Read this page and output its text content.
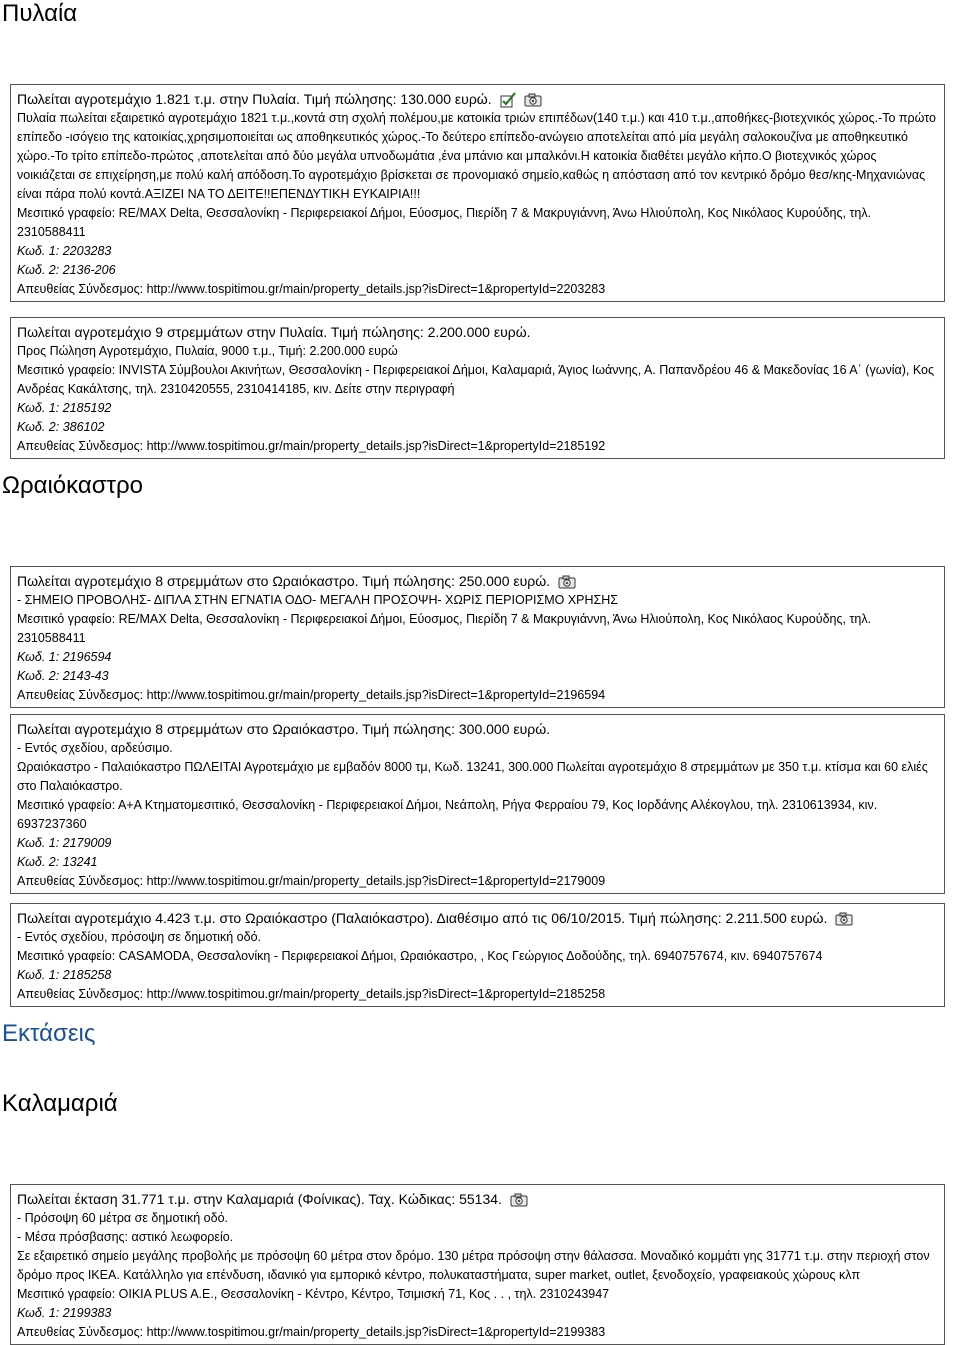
Πυλαία
Πωλείται αγροτεμάχιο 1.821 τ.μ. στην Πυλαία. Τιμή πώλησης: 130.000 ευρώ.
Πυλαία πωλείται εξαιρετικό αγροτεμάχιο 1821 τ.μ.,κοντά στη σχολή πολέμου,με κατοικία τριών επιπέδων(140 τ.μ.) και 410 τ.μ.,αποθήκες-βιοτεχνικός χώρος.-Το πρώτο επίπεδο -ισόγειο της κατοικίας,χρησιμοποιείται ως αποθηκευτικός χώρος.-Το δεύτερο επίπεδο-ανώγειο αποτελείται από μία μεγάλη σαλοκουζίνα με αποθηκευτικό χώρο.-Το τρίτο επίπεδο-πρώτος ,αποτελείται από δύο μεγάλα υπνοδωμάτια ,ένα μπάνιο και μπαλκόνι.Η κατοικία διαθέτει μεγάλο κήπο.Ο βιοτεχνικός χώρος νοικιάζεται σε επιχείρηση,με πολύ καλή απόδοση.Το αγροτεμάχιο βρίσκεται σε προνομιακό σημείο,καθώς η απόσταση από τον κεντρικό δρόμο θεσ/κης-Μηχανιώνας είναι πάρα πολύ κοντά.ΑΞΙΖΕΙ ΝΑ ΤΟ ΔΕΙΤΕ!!ΕΠΕΝΔΥΤΙΚΗ ΕΥΚΑΙΡΙΑ!!!
Μεσιτικό γραφείο: RE/MAX Delta, Θεσσαλονίκη - Περιφερειακοί Δήμοι, Εύοσμος, Πιερίδη 7 & Μακρυγιάννη, Άνω Ηλιούπολη, Κος Νικόλαος Κυρούδης, τηλ. 2310588411
Κωδ. 1: 2203283
Κωδ. 2: 2136-206
Απευθείας Σύνδεσμος: http://www.tospitimou.gr/main/property_details.jsp?isDirect=1&propertyId=2203283
Πωλείται αγροτεμάχιο 9 στρεμμάτων στην Πυλαία. Τιμή πώλησης: 2.200.000 ευρώ.
Προς Πώληση Αγροτεμάχιο, Πυλαία, 9000 τ.μ., Τιμή: 2.200.000 ευρώ
Μεσιτικό γραφείο: INVISTA Σύμβουλοι Ακινήτων, Θεσσαλονίκη - Περιφερειακοί Δήμοι, Καλαμαριά, Άγιος Ιωάννης, Α. Παπανδρέου 46 & Μακεδονίας 16 Α΄ (γωνία), Κος Ανδρέας Κακάλτσης, τηλ. 2310420555, 2310414185, κιν. Δείτε στην περιγραφή
Κωδ. 1: 2185192
Κωδ. 2: 386102
Απευθείας Σύνδεσμος: http://www.tospitimou.gr/main/property_details.jsp?isDirect=1&propertyId=2185192
Ωραιόκαστρο
Πωλείται αγροτεμάχιο 8 στρεμμάτων στο Ωραιόκαστρο. Τιμή πώλησης: 250.000 ευρώ.
- ΣΗΜΕΙΟ ΠΡΟΒΟΛΗΣ- ΔΙΠΛΑ ΣΤΗΝ ΕΓΝΑΤΙΑ ΟΔΟ- ΜΕΓΑΛΗ ΠΡΟΣΟΨΗ- ΧΩΡΙΣ ΠΕΡΙΟΡΙΣΜΟ ΧΡΗΣΗΣ
Μεσιτικό γραφείο: RE/MAX Delta, Θεσσαλονίκη - Περιφερειακοί Δήμοι, Εύοσμος, Πιερίδη 7 & Μακρυγιάννη, Άνω Ηλιούπολη, Κος Νικόλαος Κυρούδης, τηλ. 2310588411
Κωδ. 1: 2196594
Κωδ. 2: 2143-43
Απευθείας Σύνδεσμος: http://www.tospitimou.gr/main/property_details.jsp?isDirect=1&propertyId=2196594
Πωλείται αγροτεμάχιο 8 στρεμμάτων στο Ωραιόκαστρο. Τιμή πώλησης: 300.000 ευρώ.
- Εντός σχεδίου, αρδεύσιμο.
Ωραιόκαστρο - Παλαιόκαστρο ΠΩΛΕΙΤΑΙ Αγροτεμάχιο με εμβαδόν 8000 τμ, Κωδ. 13241, 300.000 Πωλείται αγροτεμάχιο 8 στρεμμάτων με 350 τ.μ. κτίσμα και 60 ελιές στο Παλαιόκαστρο.
Μεσιτικό γραφείο: Α+Α Κτηματομεσιτικό, Θεσσαλονίκη - Περιφερειακοί Δήμοι, Νεάπολη, Ρήγα Φερραίου 79, Κος Ιορδάνης Αλέκογλου, τηλ. 2310613934, κιν. 6937237360
Κωδ. 1: 2179009
Κωδ. 2: 13241
Απευθείας Σύνδεσμος: http://www.tospitimou.gr/main/property_details.jsp?isDirect=1&propertyId=2179009
Πωλείται αγροτεμάχιο 4.423 τ.μ. στο Ωραιόκαστρο (Παλαιόκαστρο). Διαθέσιμο από τις 06/10/2015. Τιμή πώλησης: 2.211.500 ευρώ.
- Εντός σχεδίου, πρόσοψη σε δημοτική οδό.
Μεσιτικό γραφείο: CASAMODA, Θεσσαλονίκη - Περιφερειακοί Δήμοι, Ωραιόκαστρο, , Κος Γεώργιος Δοδούδης, τηλ. 6940757674, κιν. 6940757674
Κωδ. 1: 2185258
Απευθείας Σύνδεσμος: http://www.tospitimou.gr/main/property_details.jsp?isDirect=1&propertyId=2185258
Εκτάσεις
Καλαμαριά
Πωλείται έκταση 31.771 τ.μ. στην Καλαμαριά (Φοίνικας). Ταχ. Κώδικας: 55134.
- Πρόσοψη 60 μέτρα σε δημοτική οδό.
- Μέσα πρόσβασης: αστικό λεωφορείο.
Σε εξαιρετικό σημείο μεγάλης προβολής με πρόσοψη 60 μέτρα στον δρόμο. 130 μέτρα πρόσοψη στην θάλασσα. Μοναδικό κομμάτι γης 31771 τ.μ. στην περιοχή στον δρόμο προς ΙΚΕΑ. Κατάλληλο για επένδυση, ιδανικό για εμπορικό κέντρο, πολυκαταστήματα, super market, outlet, ξενοδοχείο, γραφειακούς χώρους κλπ
Μεσιτικό γραφείο: OIKIA PLUS A.E., Θεσσαλονίκη - Κέντρο, Κέντρο, Τσιμισκή 71, Κος . . , τηλ. 2310243947
Κωδ. 1: 2199383
Απευθείας Σύνδεσμος: http://www.tospitimou.gr/main/property_details.jsp?isDirect=1&propertyId=2199383
